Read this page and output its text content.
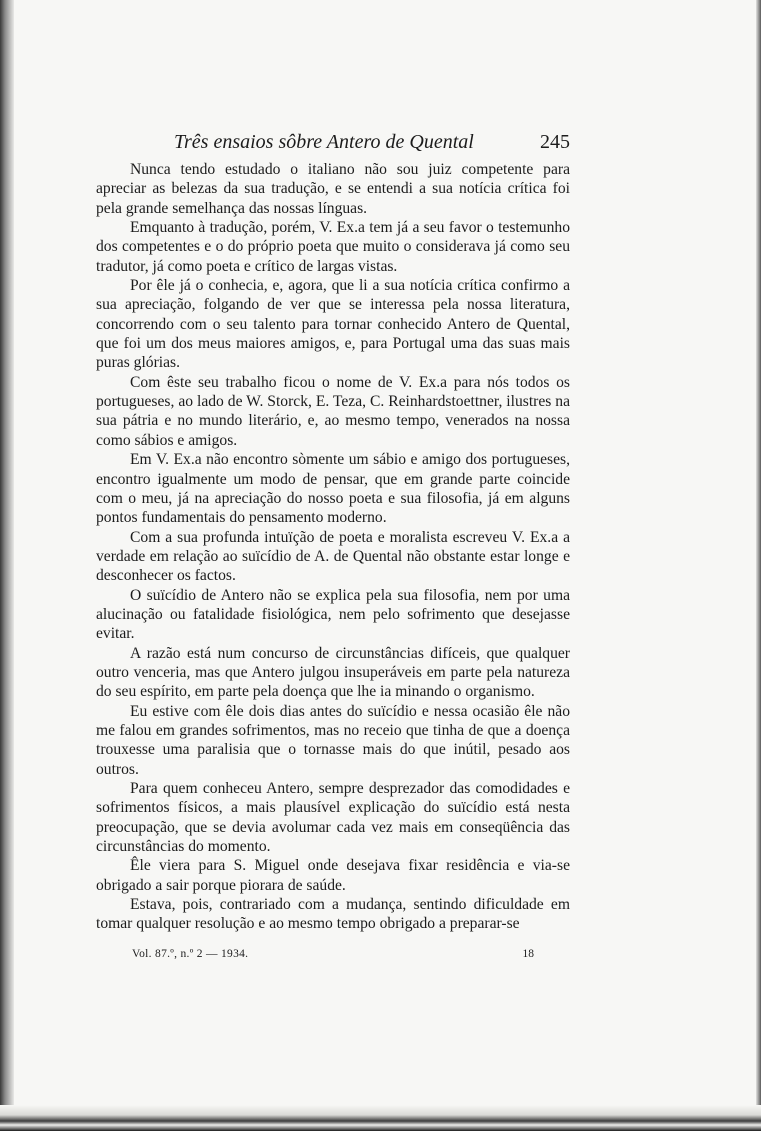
Três ensaios sôbre Antero de Quental	245

Nunca tendo estudado o italiano não sou juiz competente para apreciar as belezas da sua tradução, e se entendi a sua notícia crítica foi pela grande semelhança das nossas línguas.

Emquanto à tradução, porém, V. Ex.a tem já a seu favor o testemunho dos competentes e o do próprio poeta que muito o considerava já como seu tradutor, já como poeta e crítico de largas vistas.

Por êle já o conhecia, e, agora, que li a sua notícia crítica confirmo a sua apreciação, folgando de ver que se interessa pela nossa literatura, concorrendo com o seu talento para tornar conhecido Antero de Quental, que foi um dos meus maiores amigos, e, para Portugal uma das suas mais puras glórias.

Com êste seu trabalho ficou o nome de V. Ex.a para nós todos os portugueses, ao lado de W. Storck, E. Teza, C. Reinhardstoettner, ilustres na sua pátria e no mundo literário, e, ao mesmo tempo, venerados na nossa como sábios e amigos.

Em V. Ex.a não encontro sòmente um sábio e amigo dos portugueses, encontro igualmente um modo de pensar, que em grande parte coincide com o meu, já na apreciação do nosso poeta e sua filosofia, já em alguns pontos fundamentais do pensamento moderno.

Com a sua profunda intuïção de poeta e moralista escreveu V. Ex.a a verdade em relação ao suïcídio de A. de Quental não obstante estar longe e desconhecer os factos.

O suïcídio de Antero não se explica pela sua filosofia, nem por uma alucinação ou fatalidade fisiológica, nem pelo sofrimento que desejasse evitar.

A razão está num concurso de circunstâncias difíceis, que qualquer outro venceria, mas que Antero julgou insuperáveis em parte pela natureza do seu espírito, em parte pela doença que lhe ia minando o organismo.

Eu estive com êle dois dias antes do suïcídio e nessa ocasião êle não me falou em grandes sofrimentos, mas no receio que tinha de que a doença trouxesse uma paralisia que o tornasse mais do que inútil, pesado aos outros.

Para quem conheceu Antero, sempre desprezador das comodidades e sofrimentos físicos, a mais plausível explicação do suïcídio está nesta preocupação, que se devia avolumar cada vez mais em conseqüência das circunstâncias do momento.

Êle viera para S. Miguel onde desejava fixar residência e via-se obrigado a sair porque piorara de saúde.

Estava, pois, contrariado com a mudança, sentindo dificuldade em tomar qualquer resolução e ao mesmo tempo obrigado a preparar-se

Vol. 87.º, n.º 2 — 1934.	18
